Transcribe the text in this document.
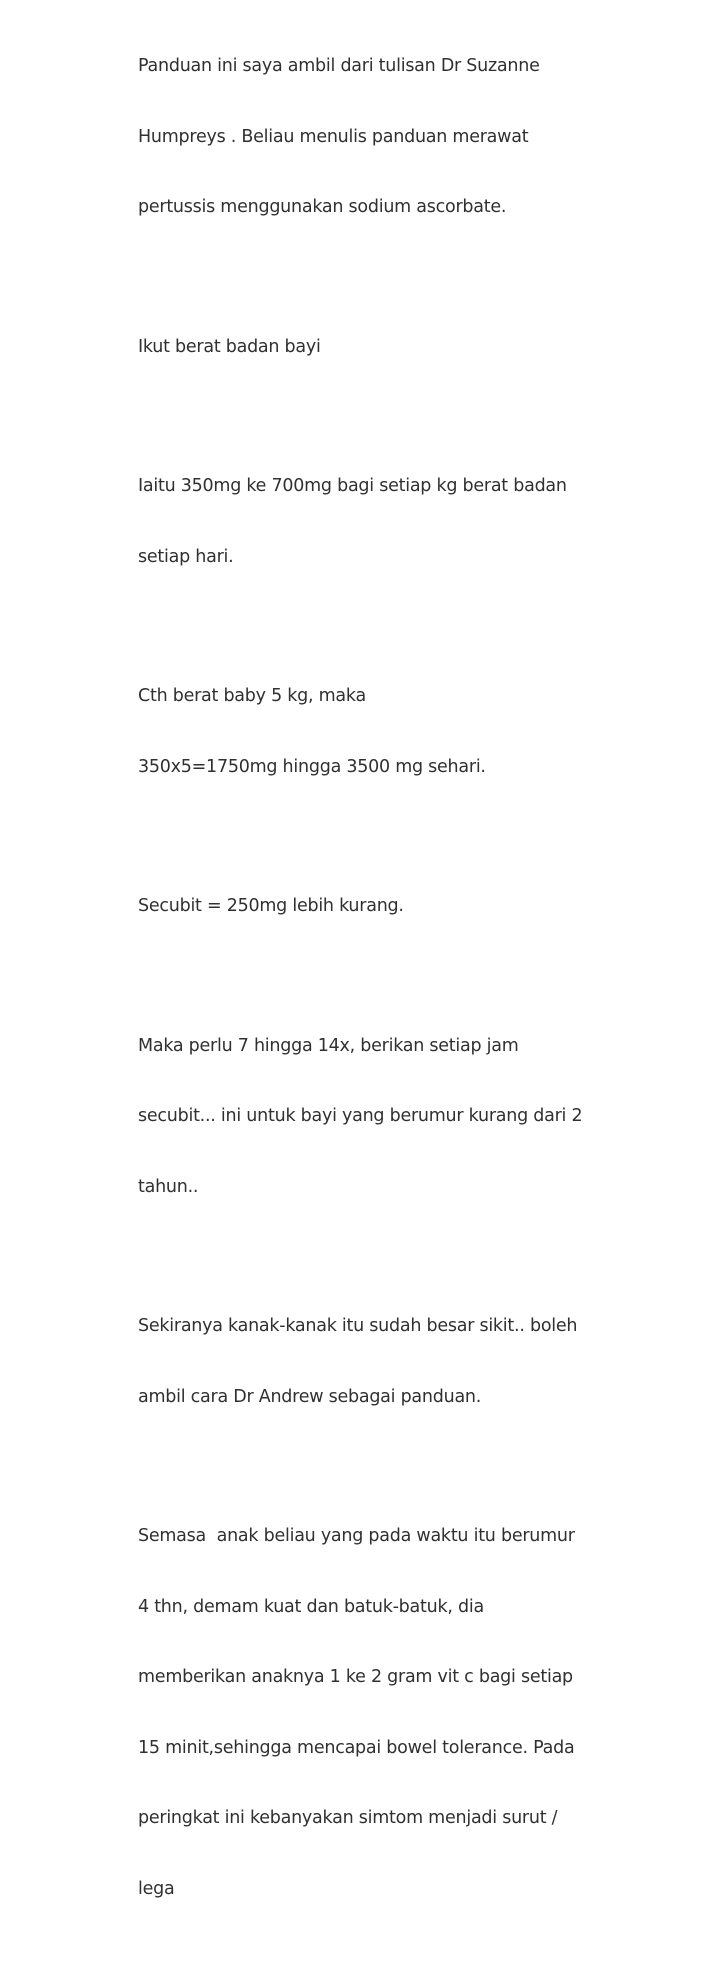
Panduan ini saya ambil dari tulisan Dr Suzanne

Humpreys . Beliau menulis panduan merawat

pertussis menggunakan sodium ascorbate.

Ikut berat badan bayi

Iaitu 350mg ke 700mg bagi setiap kg berat badan

setiap hari.

Cth berat baby 5 kg, maka

350x5=1750mg hingga 3500 mg sehari.

Secubit = 250mg lebih kurang.

Maka perlu 7 hingga 14x, berikan setiap jam

secubit... ini untuk bayi yang berumur kurang dari 2

tahun..

Sekiranya kanak-kanak itu sudah besar sikit.. boleh

ambil cara Dr Andrew sebagai panduan.

Semasa  anak beliau yang pada waktu itu berumur

4 thn, demam kuat dan batuk-batuk, dia

memberikan anaknya 1 ke 2 gram vit c bagi setiap

15 minit,sehingga mencapai bowel tolerance. Pada

peringkat ini kebanyakan simtom menjadi surut /

lega
